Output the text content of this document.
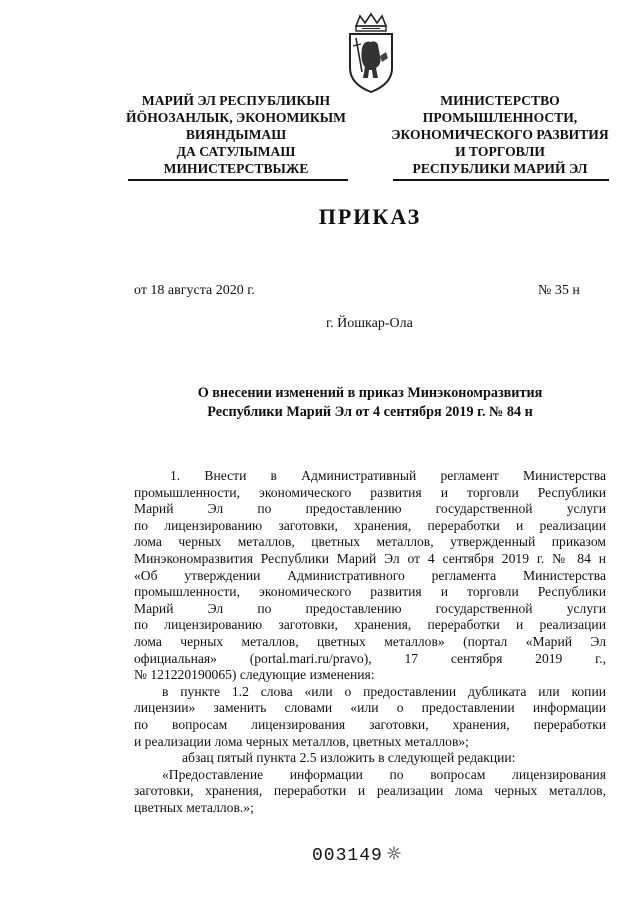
МАРИЙ ЭЛ РЕСПУБЛИКЫН
ЙӦНОЗАНЛЫК, ЭКОНОМИКЫМ
ВИЯНДЫМАШ
ДА САТУЛЫМАШ
МИНИСТЕРСТВЫЖЕ
МИНИСТЕРСТВО
ПРОМЫШЛЕННОСТИ,
ЭКОНОМИЧЕСКОГО РАЗВИТИЯ
И ТОРГОВЛИ
РЕСПУБЛИКИ МАРИЙ ЭЛ
ПРИКАЗ
от 18 августа 2020 г.	№ 35 н
г. Йошкар-Ола
О внесении изменений в приказ Минэкономразвития
Республики Марий Эл от 4 сентября 2019 г. № 84 н
1. Внести в Административный регламент Министерства
промышленности, экономического развития и торговли Республики
Марий Эл по предоставлению государственной услуги
по лицензированию заготовки, хранения, переработки и реализации
лома черных металлов, цветных металлов, утвержденный приказом
Минэкономразвития Республики Марий Эл от 4 сентября 2019 г. № 84 н
«Об утверждении Административного регламента Министерства
промышленности, экономического развития и торговли Республики
Марий Эл по предоставлению государственной услуги
по лицензированию заготовки, хранения, переработки и реализации
лома черных металлов, цветных металлов» (портал «Марий Эл
официальная» (portal.mari.ru/pravo), 17 сентября 2019 г.,
№ 121220190065) следующие изменения:
в пункте 1.2 слова «или о предоставлении дубликата или копии
лицензии» заменить словами «или о предоставлении информации
по вопросам лицензирования заготовки, хранения, переработки
и реализации лома черных металлов, цветных металлов»;
абзац пятый пункта 2.5 изложить в следующей редакции:
«Предоставление информации по вопросам лицензирования
заготовки, хранения, переработки и реализации лома черных металлов,
цветных металлов.»;
003149
